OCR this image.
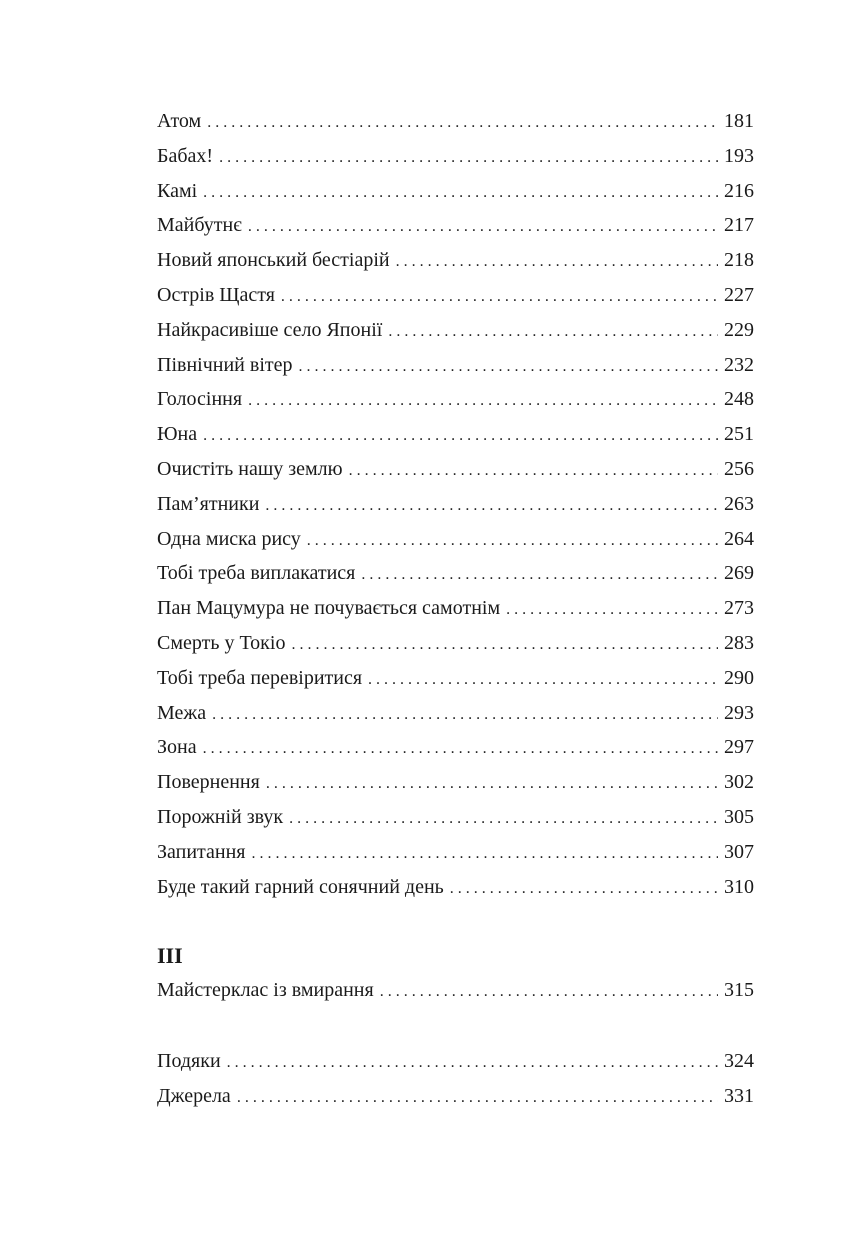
Атом . . .	181
Бабах! . . .	193
Камі . . .	216
Майбутнє . . .	217
Новий японський бестіарій . . .	218
Острів Щастя . . .	227
Найкрасивіше село Японії . . .	229
Північний вітер . . .	232
Голосіння . . .	248
Юна . . .	251
Очистіть нашу землю . . .	256
Пам’ятники . . .	263
Одна миска рису . . .	264
Тобі треба виплакатися . . .	269
Пан Мацумура не почувається самотнім . . .	273
Смерть у Токіо . . .	283
Тобі треба перевіритися . . .	290
Межа . . .	293
Зона . . .	297
Повернення . . .	302
Порожній звук . . .	305
Запитання . . .	307
Буде такий гарний сонячний день . . .	310
III
Майстерклас із вмирання . . .	315
Подяки . . .	324
Джерела . . .	331
